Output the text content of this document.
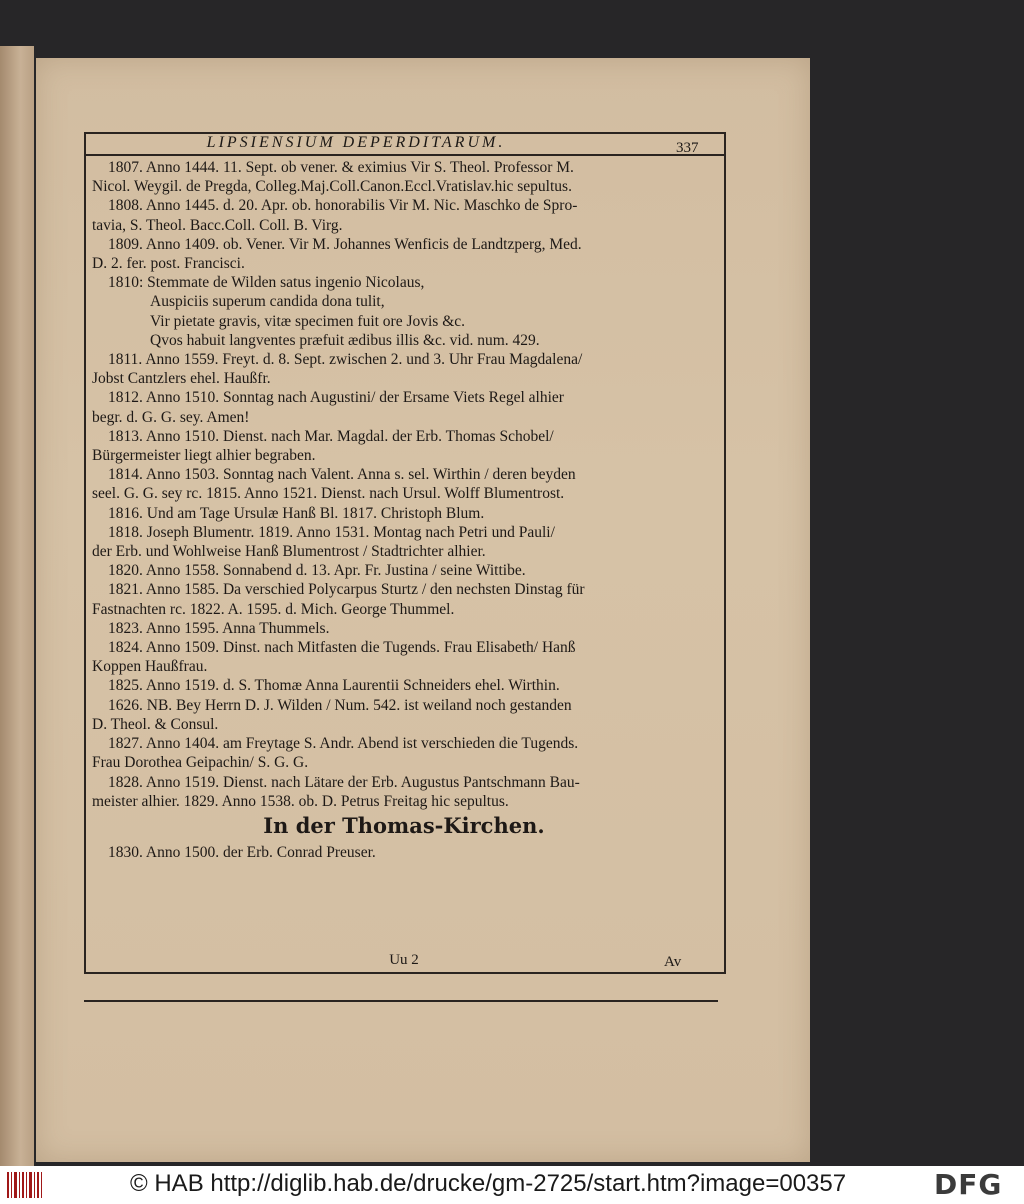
LIPSIENSIUM DEPERDITARUM.	337
1807. Anno 1444. 11. Sept. ob vener. & eximius Vir S. Theol. Professor M.
Nicol. Weygil. de Pregda, Colleg.Maj.Coll.Canon.Eccl.Vratislav.hic sepultus.
1808. Anno 1445. d. 20. Apr. ob. honorabilis Vir M. Nic. Maschko de Spro-
tavia, S. Theol. Bacc.Coll. Coll. B. Virg.
1809. Anno 1409. ob. Vener. Vir M. Johannes Wenficis de Landtzperg, Med.
D. 2. fer. post. Francisci.
1810: Stemmate de Wilden satus ingenio Nicolaus,
Auspiciis superum candida dona tulit,
Vir pietate gravis, vitæ specimen fuit ore Jovis &c.
Qvos habuit langventes præfuit ædibus illis &c. vid. num. 429.
1811. Anno 1559. Freyt. d. 8. Sept. zwischen 2. und 3. Uhr Frau Magdalena/
Jobst Cantzlers ehel. Haußfr.
1812. Anno 1510. Sonntag nach Augustini/ der Ersame Viets Regel alhier
begr. d. G. G. sey. Amen!
1813. Anno 1510. Dienst. nach Mar. Magdal. der Erb. Thomas Schobel/
Bürgermeister liegt alhier begraben.
1814. Anno 1503. Sonntag nach Valent. Anna s. sel. Wirthin / deren beyden
seel. G. G. sey rc. 1815. Anno 1521. Dienst. nach Ursul. Wolff Blumentrost.
1816. Und am Tage Ursulæ Hanß Bl. 1817. Christoph Blum.
1818. Joseph Blumentr. 1819. Anno 1531. Montag nach Petri und Pauli/
der Erb. und Wohlweise Hanß Blumentrost / Stadtrichter alhier.
1820. Anno 1558. Sonnabend d. 13. Apr. Fr. Justina / seine Wittibe.
1821. Anno 1585. Da verschied Polycarpus Sturtz / den nechsten Dinstag für
Fastnachten rc. 1822. A. 1595. d. Mich. George Thummel.
1823. Anno 1595. Anna Thummels.
1824. Anno 1509. Dinst. nach Mitfasten die Tugends. Frau Elisabeth/ Hanß
Koppen Haußfrau.
1825. Anno 1519. d. S. Thomæ Anna Laurentii Schneiders ehel. Wirthin.
1626. NB. Bey Herrn D. J. Wilden / Num. 542. ist weiland noch gestanden
D. Theol. & Consul.
1827. Anno 1404. am Freytage S. Andr. Abend ist verschieden die Tugends.
Frau Dorothea Geipachin/ S. G. G.
1828. Anno 1519. Dienst. nach Lätare der Erb. Augustus Pantschmann Bau-
meister alhier. 1829. Anno 1538. ob. D. Petrus Freitag hic sepultus.
In der Thomas-Kirchen.
1830. Anno 1500. der Erb. Conrad Preuser.
Uu 2	Av
© HAB http://diglib.hab.de/drucke/gm-2725/start.htm?image=00357	DFG
